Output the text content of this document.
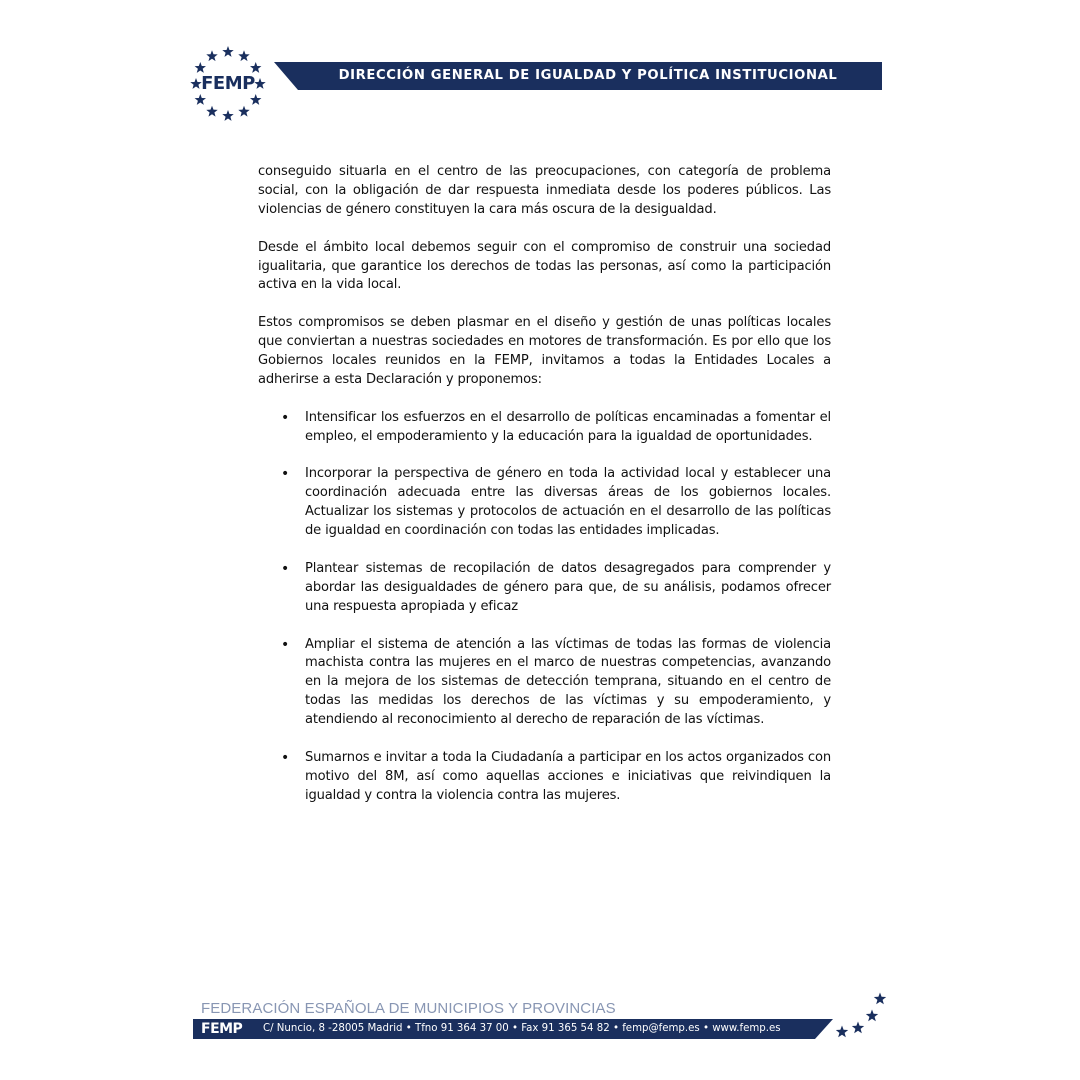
FEMP	DIRECCIÓN GENERAL DE IGUALDAD Y POLÍTICA INSTITUCIONAL

conseguido situarla en el centro de las preocupaciones, con categoría de problema social, con la obligación de dar respuesta inmediata desde los poderes públicos. Las violencias de género constituyen la cara más oscura de la desigualdad.

Desde el ámbito local debemos seguir con el compromiso de construir una sociedad igualitaria, que garantice los derechos de todas las personas, así como la participación activa en la vida local.

Estos compromisos se deben plasmar en el diseño y gestión de unas políticas locales que conviertan a nuestras sociedades en motores de transformación. Es por ello que los Gobiernos locales reunidos en la FEMP, invitamos a todas la Entidades Locales a adherirse a esta Declaración y proponemos:

• Intensificar los esfuerzos en el desarrollo de políticas encaminadas a fomentar el empleo, el empoderamiento y la educación para la igualdad de oportunidades.
• Incorporar la perspectiva de género en toda la actividad local y establecer una coordinación adecuada entre las diversas áreas de los gobiernos locales. Actualizar los sistemas y protocolos de actuación en el desarrollo de las políticas de igualdad en coordinación con todas las entidades implicadas.
• Plantear sistemas de recopilación de datos desagregados para comprender y abordar las desigualdades de género para que, de su análisis, podamos ofrecer una respuesta apropiada y eficaz
• Ampliar el sistema de atención a las víctimas de todas las formas de violencia machista contra las mujeres en el marco de nuestras competencias, avanzando en la mejora de los sistemas de detección temprana, situando en el centro de todas las medidas los derechos de las víctimas y su empoderamiento, y atendiendo al reconocimiento al derecho de reparación de las víctimas.
• Sumarnos e invitar a toda la Ciudadanía a participar en los actos organizados con motivo del 8M, así como aquellas acciones e iniciativas que reivindiquen la igualdad y contra la violencia contra las mujeres.
FEDERACIÓN ESPAÑOLA DE MUNICIPIOS Y PROVINCIAS
FEMP C/ Nuncio, 8 -28005 Madrid • Tfno 91 364 37 00 • Fax 91 365 54 82 • femp@femp.es • www.femp.es
